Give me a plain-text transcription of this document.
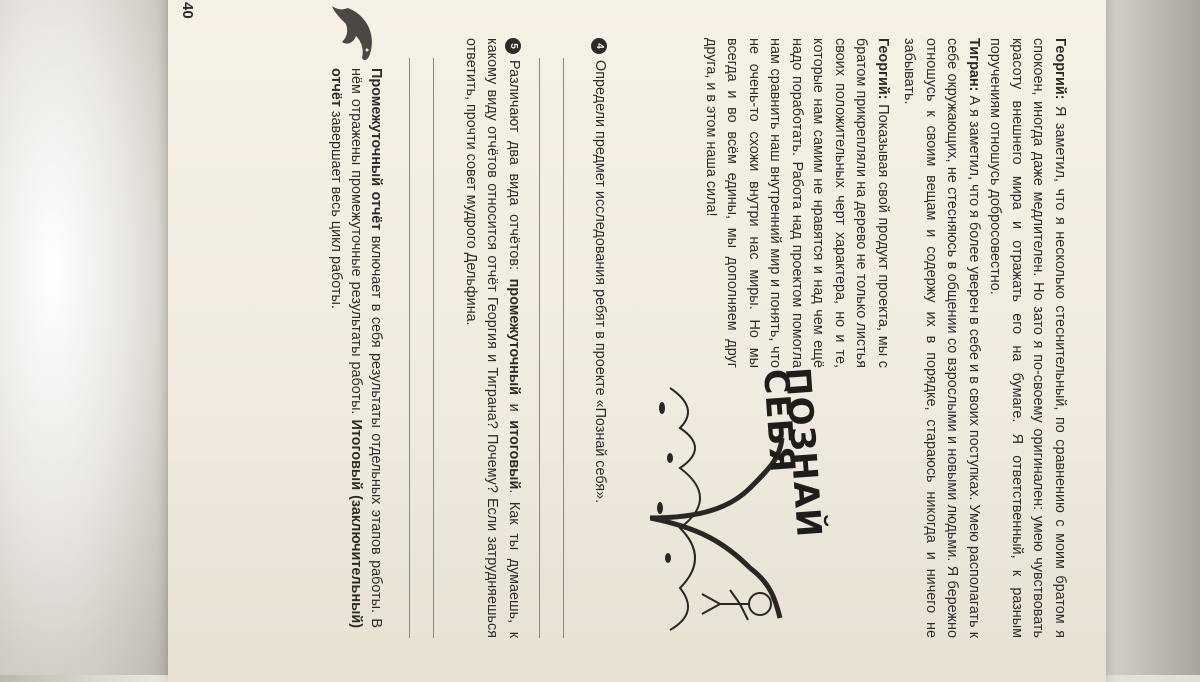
Георгий: Я заметил, что я несколько стеснительный, по сравнению с моим братом я спокоен, иногда даже медлителен. Но зато я по-своему оригинален: умею чувствовать красоту внешнего мира и отражать его на бумаге. Я ответственный, к разным поручениям отношусь добросовестно.

Тигран: А я заметил, что я более уверен в себе и в своих поступках. Умею располагать к себе окружающих, не стесняюсь в общении со взрослыми и новыми людьми. Я бережно отношусь к своим вещам и содержу их в порядке, стараюсь никогда и ничего не забывать.

Георгий: Показывая свой продукт проекта, мы с братом прикрепляли на дерево не только листья своих положительных черт характера, но и те, которые нам самим не нравятся и над чем ещё надо поработать. Работа над проектом помогла нам сравнить наш внутренний мир и понять, что не очень-то схожи внутри нас миры. Но мы всегда и во всём едины, мы дополняем друг друга, и в этом наша сила!

ПОЗНАЙ СЕБЯ

4Определи предмет исследования ребят в проекте «Познай себя».

5Различают два вида отчётов: промежуточный и итоговый. Как ты думаешь, к какому виду отчётов относится отчёт Георгия и Тиграна? Почему? Если затрудняешься ответить, прочти совет мудрого Дельфина.

Промежуточный отчёт включает в себя результаты отдельных этапов работы. В нём отражены промежуточные результаты работы. Итоговый (заключительный) отчёт завершает весь цикл работы.
40
